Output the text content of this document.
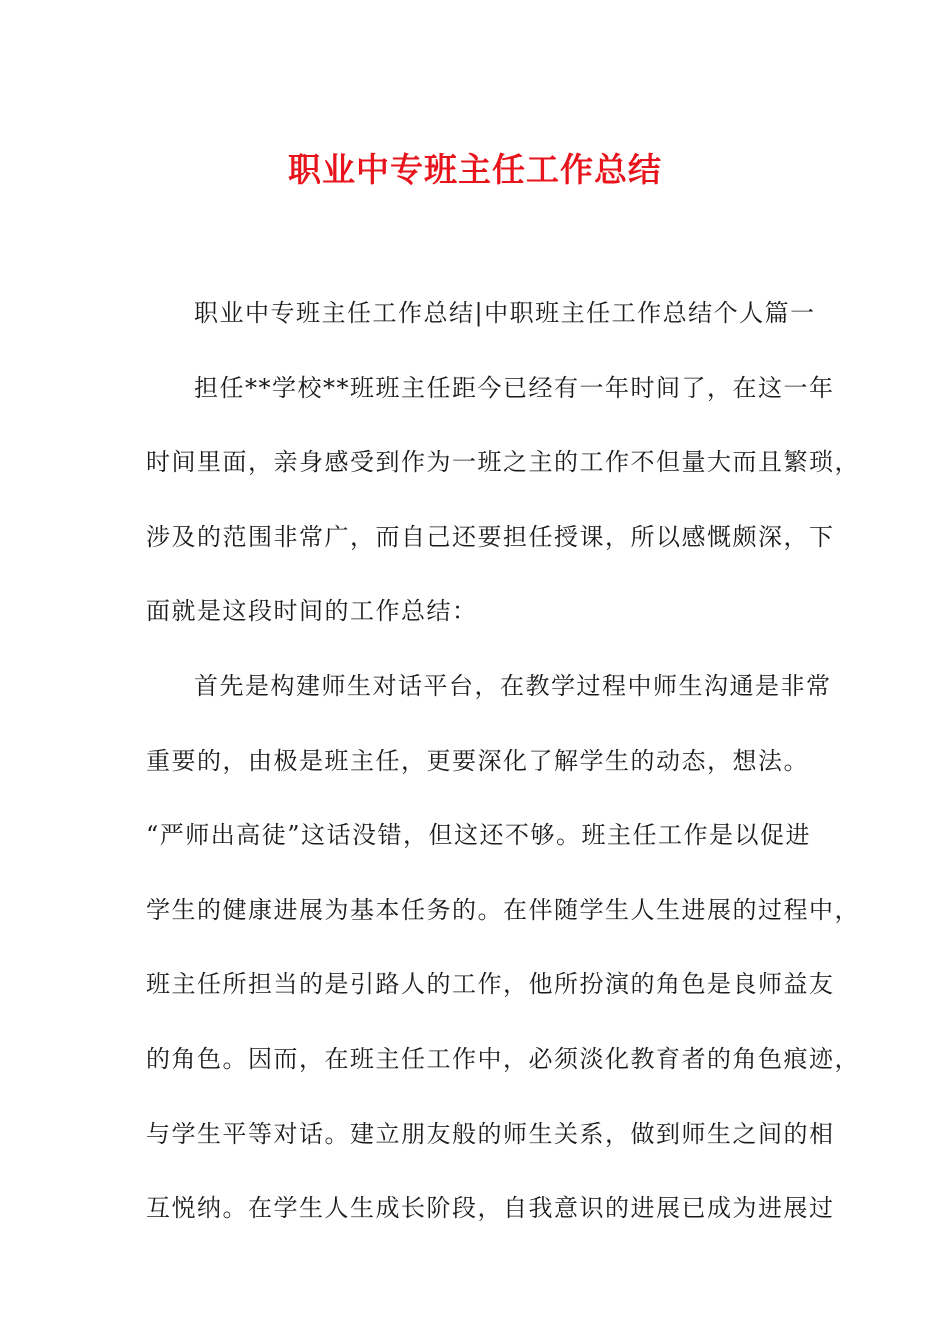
职业中专班主任工作总结
职业中专班主任工作总结|中职班主任工作总结个人篇一
担任**学校**班班主任距今已经有一年时间了，在这一年
时间里面，亲身感受到作为一班之主的工作不但量大而且繁琐，
涉及的范围非常广，而自己还要担任授课，所以感慨颇深，下
面就是这段时间的工作总结：
首先是构建师生对话平台，在教学过程中师生沟通是非常
重要的，由极是班主任，更要深化了解学生的动态，想法。
“严师出高徒”这话没错，但这还不够。班主任工作是以促进
学生的健康进展为基本任务的。在伴随学生人生进展的过程中，
班主任所担当的是引路人的工作，他所扮演的角色是良师益友
的角色。因而，在班主任工作中，必须淡化教育者的角色痕迹，
与学生平等对话。建立朋友般的师生关系，做到师生之间的相
互悦纳。在学生人生成长阶段，自我意识的进展已成为进展过
